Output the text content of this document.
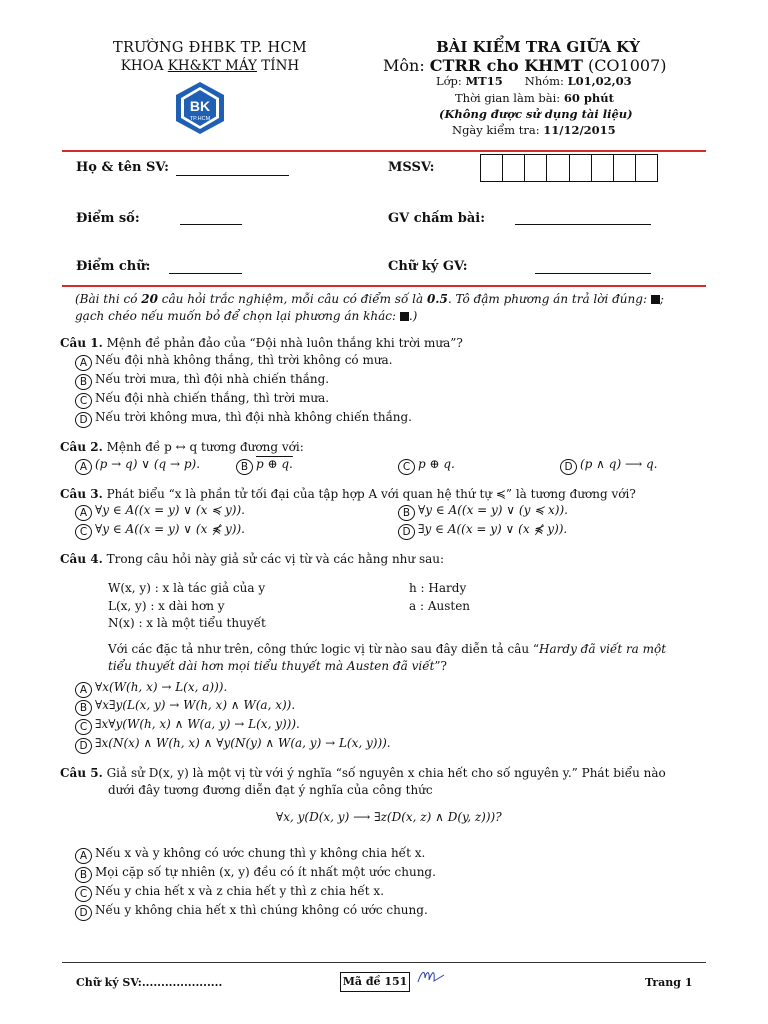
TRƯỜNG ĐHBK TP. HCM
KHOA KH&KT MÁY TÍNH
BK
TP.HCM
BÀI KIỂM TRA GIỮA KỲ
Môn: CTRR cho KHMT (CO1007)
Lớp: MT15 Nhóm: L01,02,03
Thời gian làm bài: 60 phút
(Không được sử dụng tài liệu)
Ngày kiểm tra: 11/12/2015
Họ & tên SV:	MSSV:
Điểm số:	GV chấm bài:
Điểm chữ:	Chữ ký GV:
(Bài thi có 20 câu hỏi trắc nghiệm, mỗi câu có điểm số là 0.5. Tô đậm phương án trả lời đúng: ;
gạch chéo nếu muốn bỏ để chọn lại phương án khác: .)
Câu 1. Mệnh đề phản đảo của “Đội nhà luôn thắng khi trời mưa”?
A Nếu đội nhà không thắng, thì trời không có mưa.
B Nếu trời mưa, thì đội nhà chiến thắng.
C Nếu đội nhà chiến thắng, thì trời mưa.
D Nếu trời không mưa, thì đội nhà không chiến thắng.
Câu 2. Mệnh đề p ↔ q tương đương với:
A (p → q) ∨ (q → p).	B p ⊕ q.	C p ⊕ q.	D (p ∧ q) ⟶ q.
Câu 3. Phát biểu “x là phần tử tối đại của tập hợp A với quan hệ thứ tự ≼” là tương đương với?
A ∀y ∈ A((x = y) ∨ (x ≼ y)).	B ∀y ∈ A((x = y) ∨ (y ≼ x)).
C ∀y ∈ A((x = y) ∨ (x ⋠ y)).	D ∃y ∈ A((x = y) ∨ (x ⋠ y)).
Câu 4. Trong câu hỏi này giả sử các vị từ và các hằng như sau:
W(x, y) : x là tác giả của y
L(x, y) : x dài hơn y
N(x) : x là một tiểu thuyết
h : Hardy
a : Austen
Với các đặc tả như trên, công thức logic vị từ nào sau đây diễn tả câu “Hardy đã viết ra một
tiểu thuyết dài hơn mọi tiểu thuyết mà Austen đã viết”?
A ∀x(W(h, x) → L(x, a))).
B ∀x∃y(L(x, y) → W(h, x) ∧ W(a, x)).
C ∃x∀y(W(h, x) ∧ W(a, y) → L(x, y))).
D ∃x(N(x) ∧ W(h, x) ∧ ∀y(N(y) ∧ W(a, y) → L(x, y))).
Câu 5. Giả sử D(x, y) là một vị từ với ý nghĩa “số nguyên x chia hết cho số nguyên y.” Phát biểu nào
dưới đây tương đương diễn đạt ý nghĩa của công thức
∀x, y(D(x, y) ⟶ ∃z(D(x, z) ∧ D(y, z)))?
A Nếu x và y không có ước chung thì y không chia hết x.
B Mọi cặp số tự nhiên (x, y) đều có ít nhất một ước chung.
C Nếu y chia hết x và z chia hết y thì z chia hết x.
D Nếu y không chia hết x thì chúng không có ước chung.
Chữ ký SV:.....................	Mã đề 151	Trang 1
